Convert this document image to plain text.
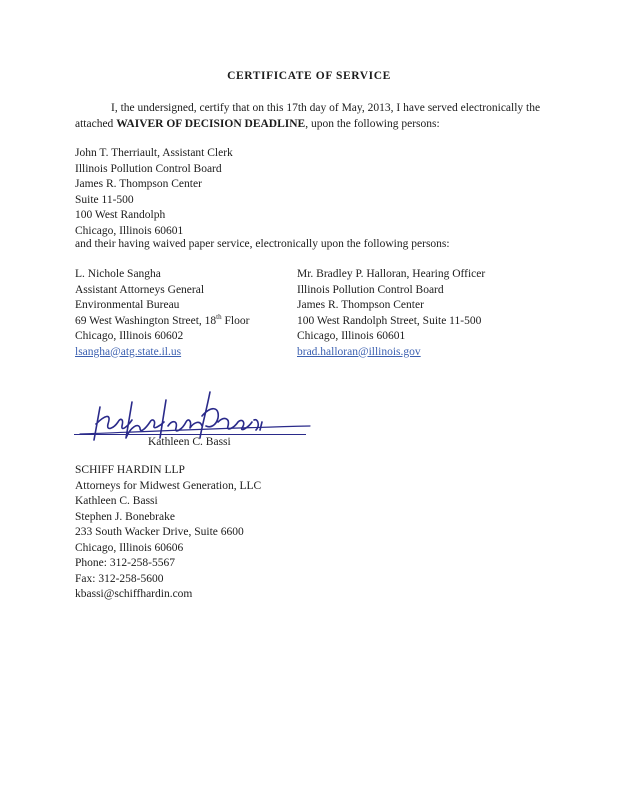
CERTIFICATE OF SERVICE
I, the undersigned, certify that on this 17th day of May, 2013, I have served electronically the attached WAIVER OF DECISION DEADLINE, upon the following persons:
John T. Therriault, Assistant Clerk
Illinois Pollution Control Board
James R. Thompson Center
Suite 11-500
100 West Randolph
Chicago, Illinois 60601
and their having waived paper service, electronically upon the following persons:
L. Nichole Sangha
Assistant Attorneys General
Environmental Bureau
69 West Washington Street, 18th Floor
Chicago, Illinois 60602
lsangha@atg.state.il.us
Mr. Bradley P. Halloran, Hearing Officer
Illinois Pollution Control Board
James R. Thompson Center
100 West Randolph Street, Suite 11-500
Chicago, Illinois 60601
brad.halloran@illinois.gov
Kathleen C. Bassi
SCHIFF HARDIN LLP
Attorneys for Midwest Generation, LLC
Kathleen C. Bassi
Stephen J. Bonebrake
233 South Wacker Drive, Suite 6600
Chicago, Illinois 60606
Phone: 312-258-5567
Fax: 312-258-5600
kbassi@schiffhardin.com
